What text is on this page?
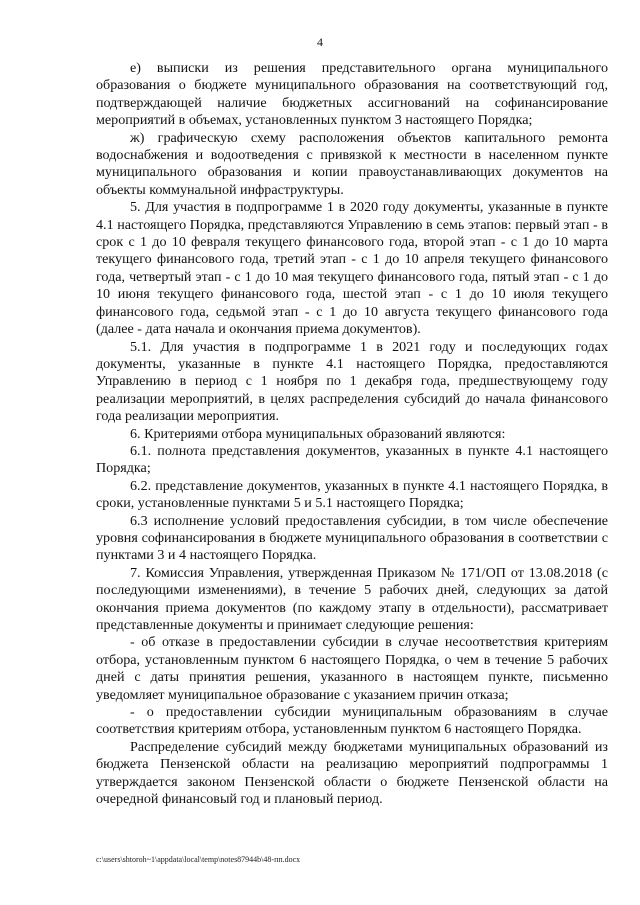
4

е) выписки из решения представительного органа муниципального образования о бюджете муниципального образования на соответствующий год, подтверждающей наличие бюджетных ассигнований на софинансирование мероприятий в объемах, установленных пунктом 3 настоящего Порядка;

ж) графическую схему расположения объектов капитального ремонта водоснабжения и водоотведения с привязкой к местности в населенном пункте муниципального образования и копии правоустанавливающих документов на объекты коммунальной инфраструктуры.

5. Для участия в подпрограмме 1 в 2020 году документы, указанные в пункте 4.1 настоящего Порядка, представляются Управлению в семь этапов: первый этап - в срок с 1 до 10 февраля текущего финансового года, второй этап - с 1 до 10 марта текущего финансового года, третий этап - с 1 до 10 апреля текущего финансового года, четвертый этап - с 1 до 10 мая текущего финансового года, пятый этап - с 1 до 10 июня текущего финансового года, шестой этап - с 1 до 10 июля текущего финансового года, седьмой этап - с 1 до 10 августа текущего финансового года (далее - дата начала и окончания приема документов).

5.1. Для участия в подпрограмме 1 в 2021 году и последующих годах документы, указанные в пункте 4.1 настоящего Порядка, предоставляются Управлению в период с 1 ноября по 1 декабря года, предшествующему году реализации мероприятий, в целях распределения субсидий до начала финансового года реализации мероприятия.

6. Критериями отбора муниципальных образований являются:

6.1. полнота представления документов, указанных в пункте 4.1 настоящего Порядка;

6.2. представление документов, указанных в пункте 4.1 настоящего Порядка, в сроки, установленные пунктами 5 и 5.1 настоящего Порядка;

6.3 исполнение условий предоставления субсидии, в том числе обеспечение уровня софинансирования в бюджете муниципального образования в соответствии с пунктами 3 и 4 настоящего Порядка.

7. Комиссия Управления, утвержденная Приказом № 171/ОП от 13.08.2018 (с последующими изменениями), в течение 5 рабочих дней, следующих за датой окончания приема документов (по каждому этапу в отдельности), рассматривает представленные документы и принимает следующие решения:

- об отказе в предоставлении субсидии в случае несоответствия критериям отбора, установленным пунктом 6 настоящего Порядка, о чем в течение 5 рабочих дней с даты принятия решения, указанного в настоящем пункте, письменно уведомляет муниципальное образование с указанием причин отказа;

- о предоставлении субсидии муниципальным образованиям в случае соответствия критериям отбора, установленным пунктом 6 настоящего Порядка.

Распределение субсидий между бюджетами муниципальных образований из бюджета Пензенской области на реализацию мероприятий подпрограммы 1 утверждается законом Пензенской области о бюджете Пензенской области на очередной финансовый год и плановый период.

c:\users\shtoroh~1\appdata\local\temp\notes87944b\48-пп.docx
